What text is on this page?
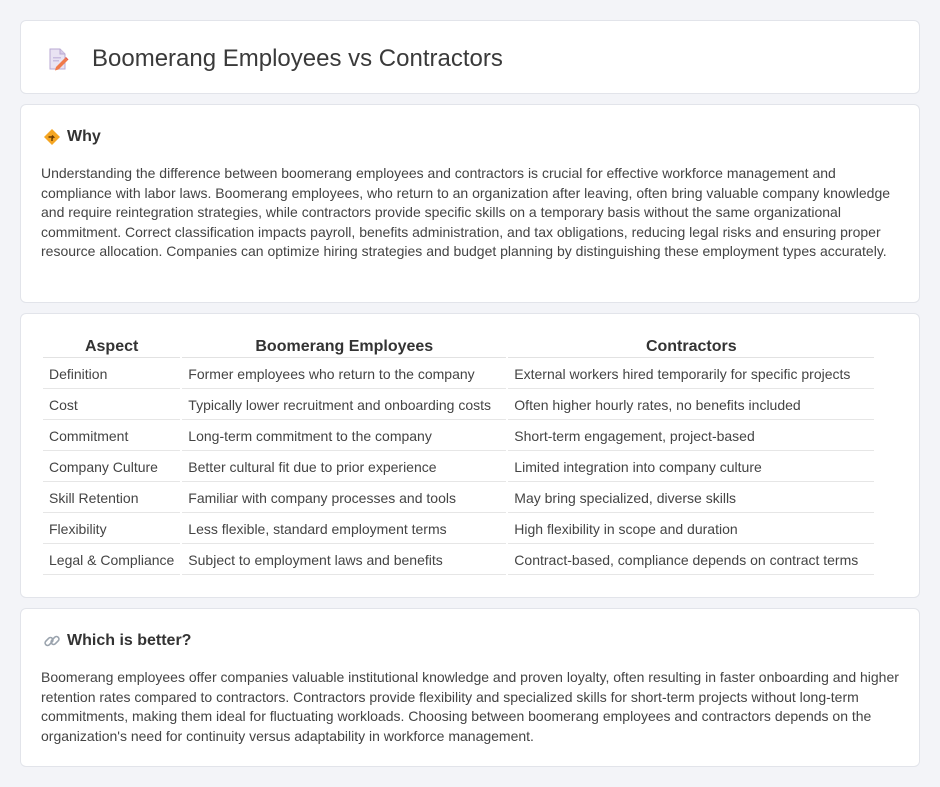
Boomerang Employees vs Contractors
Why

Understanding the difference between boomerang employees and contractors is crucial for effective workforce management and compliance with labor laws. Boomerang employees, who return to an organization after leaving, often bring valuable company knowledge and require reintegration strategies, while contractors provide specific skills on a temporary basis without the same organizational commitment. Correct classification impacts payroll, benefits administration, and tax obligations, reducing legal risks and ensuring proper resource allocation. Companies can optimize hiring strategies and budget planning by distinguishing these employment types accurately.

Aspect	Boomerang Employees	Contractors
Definition	Former employees who return to the company	External workers hired temporarily for specific projects
Cost	Typically lower recruitment and onboarding costs	Often higher hourly rates, no benefits included
Commitment	Long-term commitment to the company	Short-term engagement, project-based
Company Culture	Better cultural fit due to prior experience	Limited integration into company culture
Skill Retention	Familiar with company processes and tools	May bring specialized, diverse skills
Flexibility	Less flexible, standard employment terms	High flexibility in scope and duration
Legal & Compliance	Subject to employment laws and benefits	Contract-based, compliance depends on contract terms
Which is better?

Boomerang employees offer companies valuable institutional knowledge and proven loyalty, often resulting in faster onboarding and higher retention rates compared to contractors. Contractors provide flexibility and specialized skills for short-term projects without long-term commitments, making them ideal for fluctuating workloads. Choosing between boomerang employees and contractors depends on the organization's need for continuity versus adaptability in workforce management.
